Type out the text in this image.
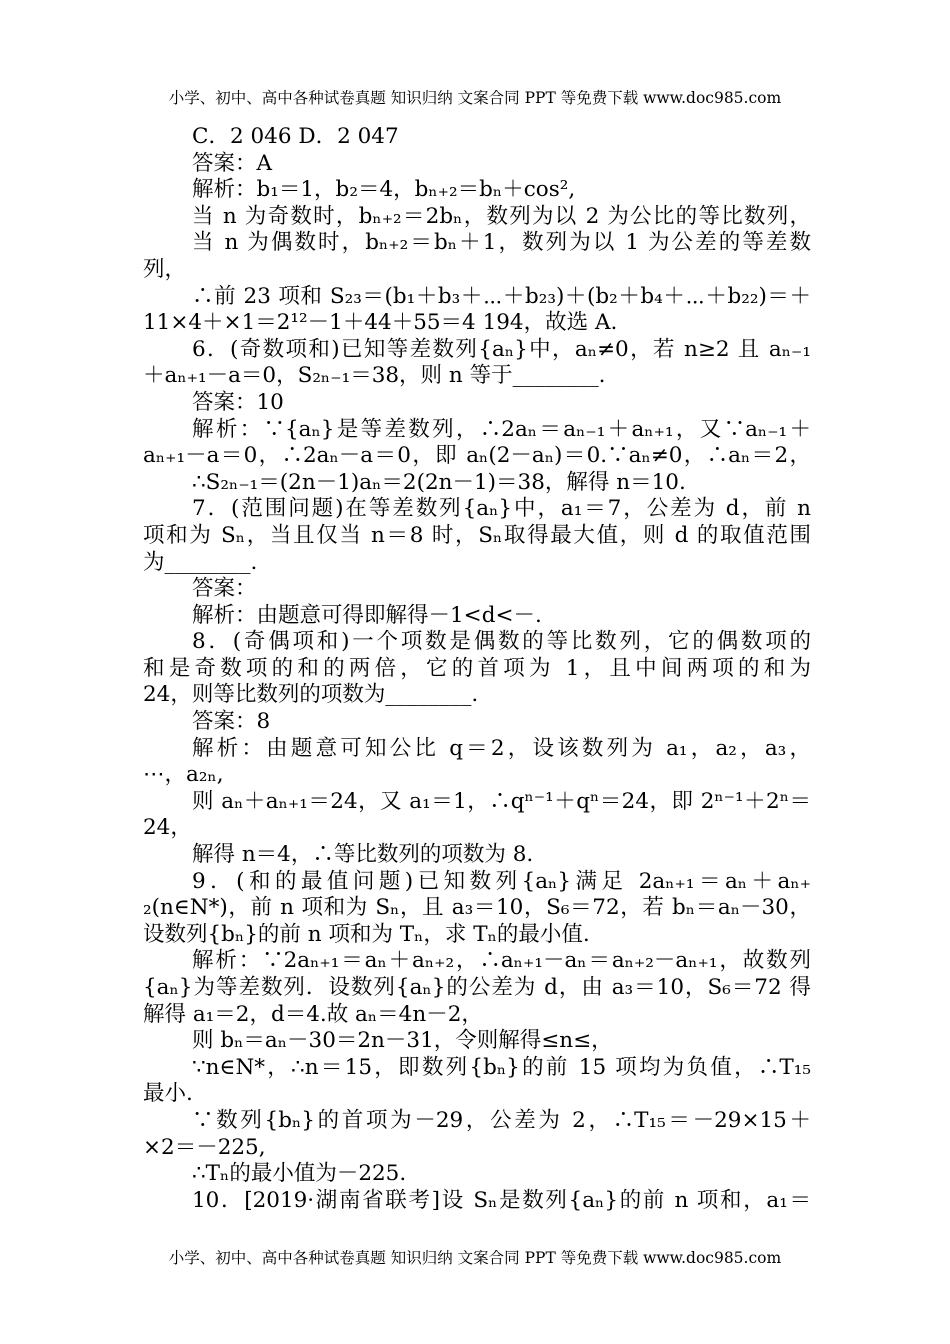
小学、初中、高中各种试卷真题 知识归纳 文案合同 PPT 等免费下载 www.doc985.com
C．2 046 D．2 047
答案：A
解析：b₁＝1，b₂＝4，bₙ₊₂＝bₙ＋cos²,
当 n 为奇数时，bₙ₊₂＝2bₙ，数列为以 2 为公比的等比数列，
当 n 为偶数时，bₙ₊₂＝bₙ＋1，数列为以 1 为公差的等差数
列，
∴前 23 项和 S₂₃＝(b₁＋b₃＋⋯＋b₂₃)＋(b₂＋b₄＋⋯＋b₂₂)＝＋
11×4＋×1＝2¹²－1＋44＋55＝4 194，故选 A.
6．(奇数项和)已知等差数列{aₙ}中，aₙ≠0，若 n≥2 且 aₙ₋₁
＋aₙ₊₁－a＝0，S₂ₙ₋₁＝38，则 n 等于________.
答案：10
解析：∵{aₙ}是等差数列，∴2aₙ＝aₙ₋₁＋aₙ₊₁，又∵aₙ₋₁＋
aₙ₊₁－a＝0，∴2aₙ－a＝0，即 aₙ(2－aₙ)＝0.∵aₙ≠0，∴aₙ＝2，
∴S₂ₙ₋₁＝(2n－1)aₙ＝2(2n－1)＝38，解得 n＝10.
7．(范围问题)在等差数列{aₙ}中，a₁＝7，公差为 d，前 n
项和为 Sₙ，当且仅当 n＝8 时，Sₙ取得最大值，则 d 的取值范围
为________.
答案：
解析：由题意可得即解得－1<d<－.
8．(奇偶项和)一个项数是偶数的等比数列，它的偶数项的
和是奇数项的和的两倍，它的首项为 1，且中间两项的和为
24，则等比数列的项数为________.
答案：8
解析：由题意可知公比 q＝2，设该数列为 a₁，a₂，a₃，
⋯，a₂ₙ,
则 aₙ＋aₙ₊₁＝24，又 a₁＝1，∴qⁿ⁻¹＋qⁿ＝24，即 2ⁿ⁻¹＋2ⁿ＝
24，
解得 n＝4，∴等比数列的项数为 8.
9．(和的最值问题)已知数列{aₙ}满足 2aₙ₊₁＝aₙ＋aₙ₊
₂(n∈N*)，前 n 项和为 Sₙ，且 a₃＝10，S₆＝72，若 bₙ＝aₙ－30，
设数列{bₙ}的前 n 项和为 Tₙ，求 Tₙ的最小值.
解析：∵2aₙ₊₁＝aₙ＋aₙ₊₂，∴aₙ₊₁－aₙ＝aₙ₊₂－aₙ₊₁，故数列
{aₙ}为等差数列．设数列{aₙ}的公差为 d，由 a₃＝10，S₆＝72 得
解得 a₁＝2，d＝4.故 aₙ＝4n－2，
则 bₙ＝aₙ－30＝2n－31，令则解得≤n≤，
∵n∈N*，∴n＝15，即数列{bₙ}的前 15 项均为负值，∴T₁₅
最小.
∵数列{bₙ}的首项为－29，公差为 2，∴T₁₅＝－29×15＋
×2＝－225,
∴Tₙ的最小值为－225.
10．[2019·湖南省联考]设 Sₙ是数列{aₙ}的前 n 项和，a₁＝
小学、初中、高中各种试卷真题 知识归纳 文案合同 PPT 等免费下载 www.doc985.com
